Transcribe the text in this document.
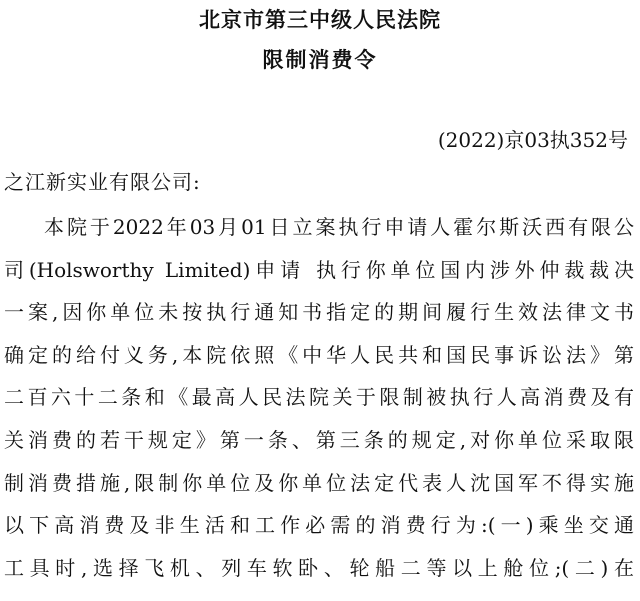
北京市第三中级人民法院
限制消费令
(2022)京03执352号
之江新实业有限公司:
本院于2022年03月01日立案执行申请人霍尔斯沃西有限公
司(Holsworthy Limited)申请 执行你单位国内涉外仲裁裁决
一案,因你单位未按执行通知书指定的期间履行生效法律文书
确定的给付义务,本院依照《中华人民共和国民事诉讼法》第
二百六十二条和《最高人民法院关于限制被执行人高消费及有
关消费的若干规定》第一条、第三条的规定,对你单位采取限
制消费措施,限制你单位及你单位法定代表人沈国军不得实施
以下高消费及非生活和工作必需的消费行为:(一)乘坐交通
工具时,选择飞机、列车软卧、轮船二等以上舱位;(二)在
